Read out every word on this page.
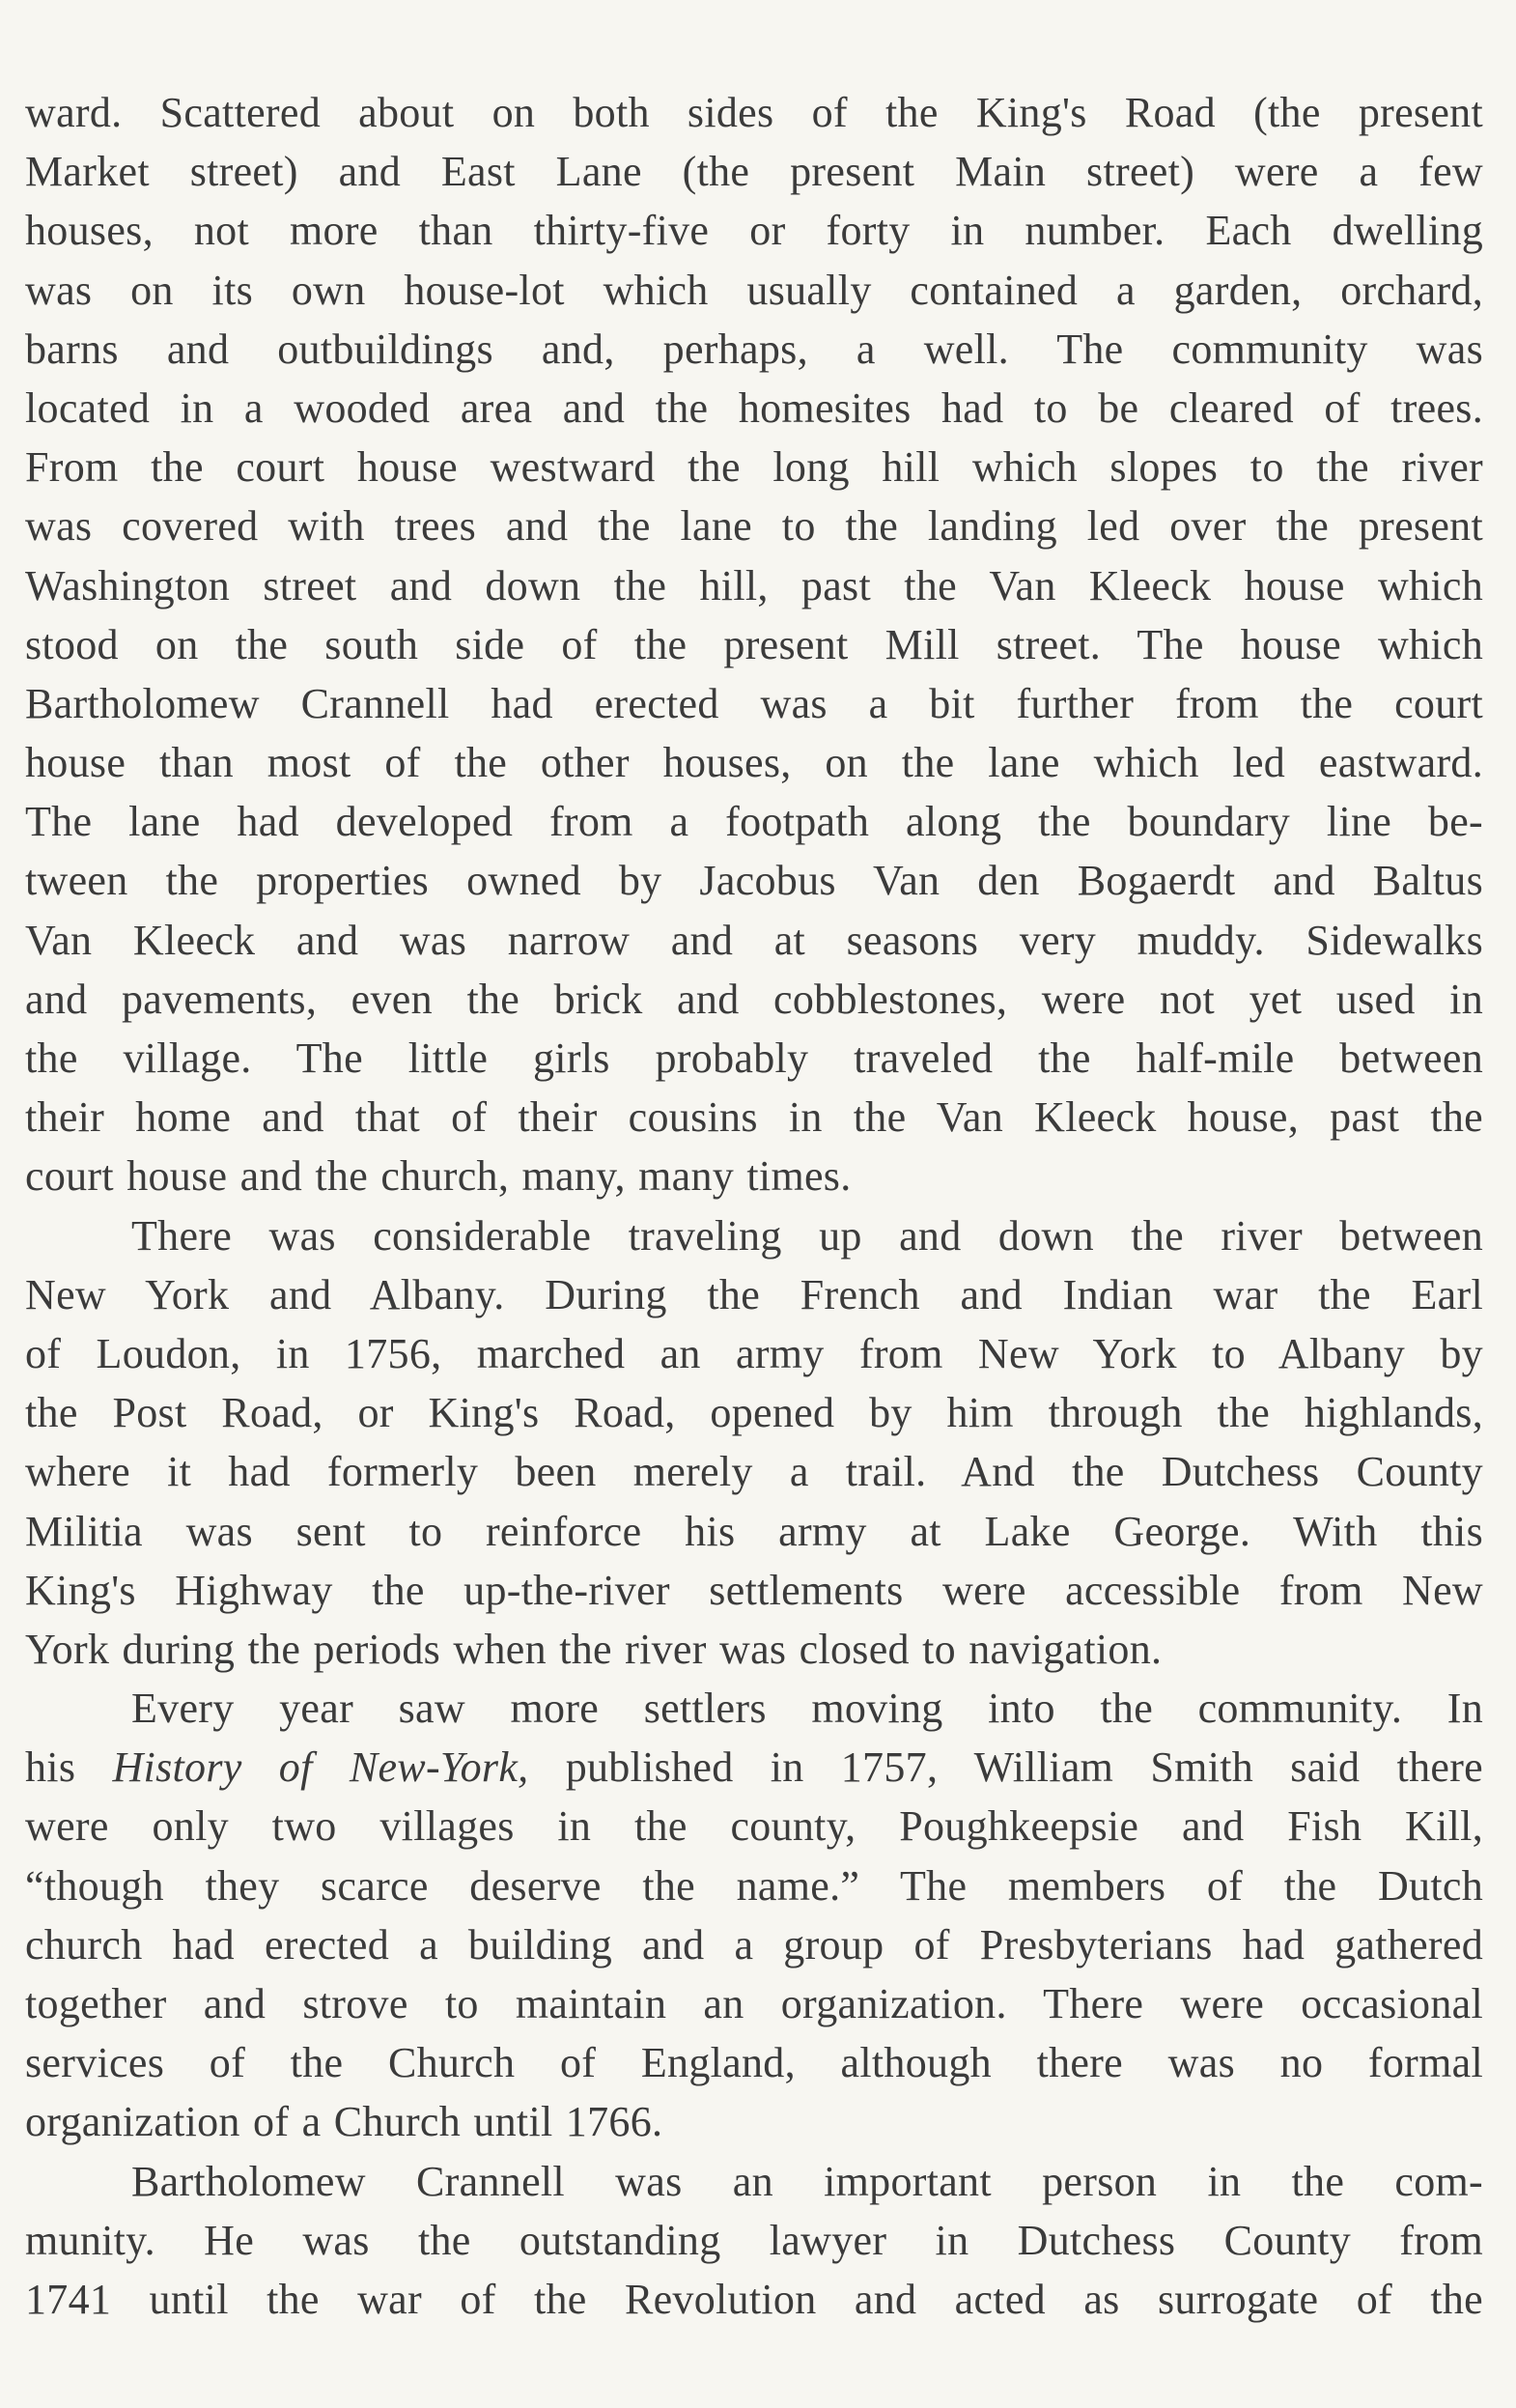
ward. Scattered about on both sides of the King's Road (the present
Market street) and East Lane (the present Main street) were a few
houses, not more than thirty-five or forty in number. Each dwelling
was on its own house-lot which usually contained a garden, orchard,
barns and outbuildings and, perhaps, a well. The community was
located in a wooded area and the homesites had to be cleared of trees.
From the court house westward the long hill which slopes to the river
was covered with trees and the lane to the landing led over the present
Washington street and down the hill, past the Van Kleeck house which
stood on the south side of the present Mill street. The house which
Bartholomew Crannell had erected was a bit further from the court
house than most of the other houses, on the lane which led eastward.
The lane had developed from a footpath along the boundary line be-
tween the properties owned by Jacobus Van den Bogaerdt and Baltus
Van Kleeck and was narrow and at seasons very muddy. Sidewalks
and pavements, even the brick and cobblestones, were not yet used in
the village. The little girls probably traveled the half-mile between
their home and that of their cousins in the Van Kleeck house, past the
court house and the church, many, many times.
There was considerable traveling up and down the river between
New York and Albany. During the French and Indian war the Earl
of Loudon, in 1756, marched an army from New York to Albany by
the Post Road, or King's Road, opened by him through the highlands,
where it had formerly been merely a trail. And the Dutchess County
Militia was sent to reinforce his army at Lake George. With this
King's Highway the up-the-river settlements were accessible from New
York during the periods when the river was closed to navigation.
Every year saw more settlers moving into the community. In
his History of New-York, published in 1757, William Smith said there
were only two villages in the county, Poughkeepsie and Fish Kill,
“though they scarce deserve the name.” The members of the Dutch
church had erected a building and a group of Presbyterians had gathered
together and strove to maintain an organization. There were occasional
services of the Church of England, although there was no formal
organization of a Church until 1766.
Bartholomew Crannell was an important person in the com-
munity. He was the outstanding lawyer in Dutchess County from
1741 until the war of the Revolution and acted as surrogate of the
